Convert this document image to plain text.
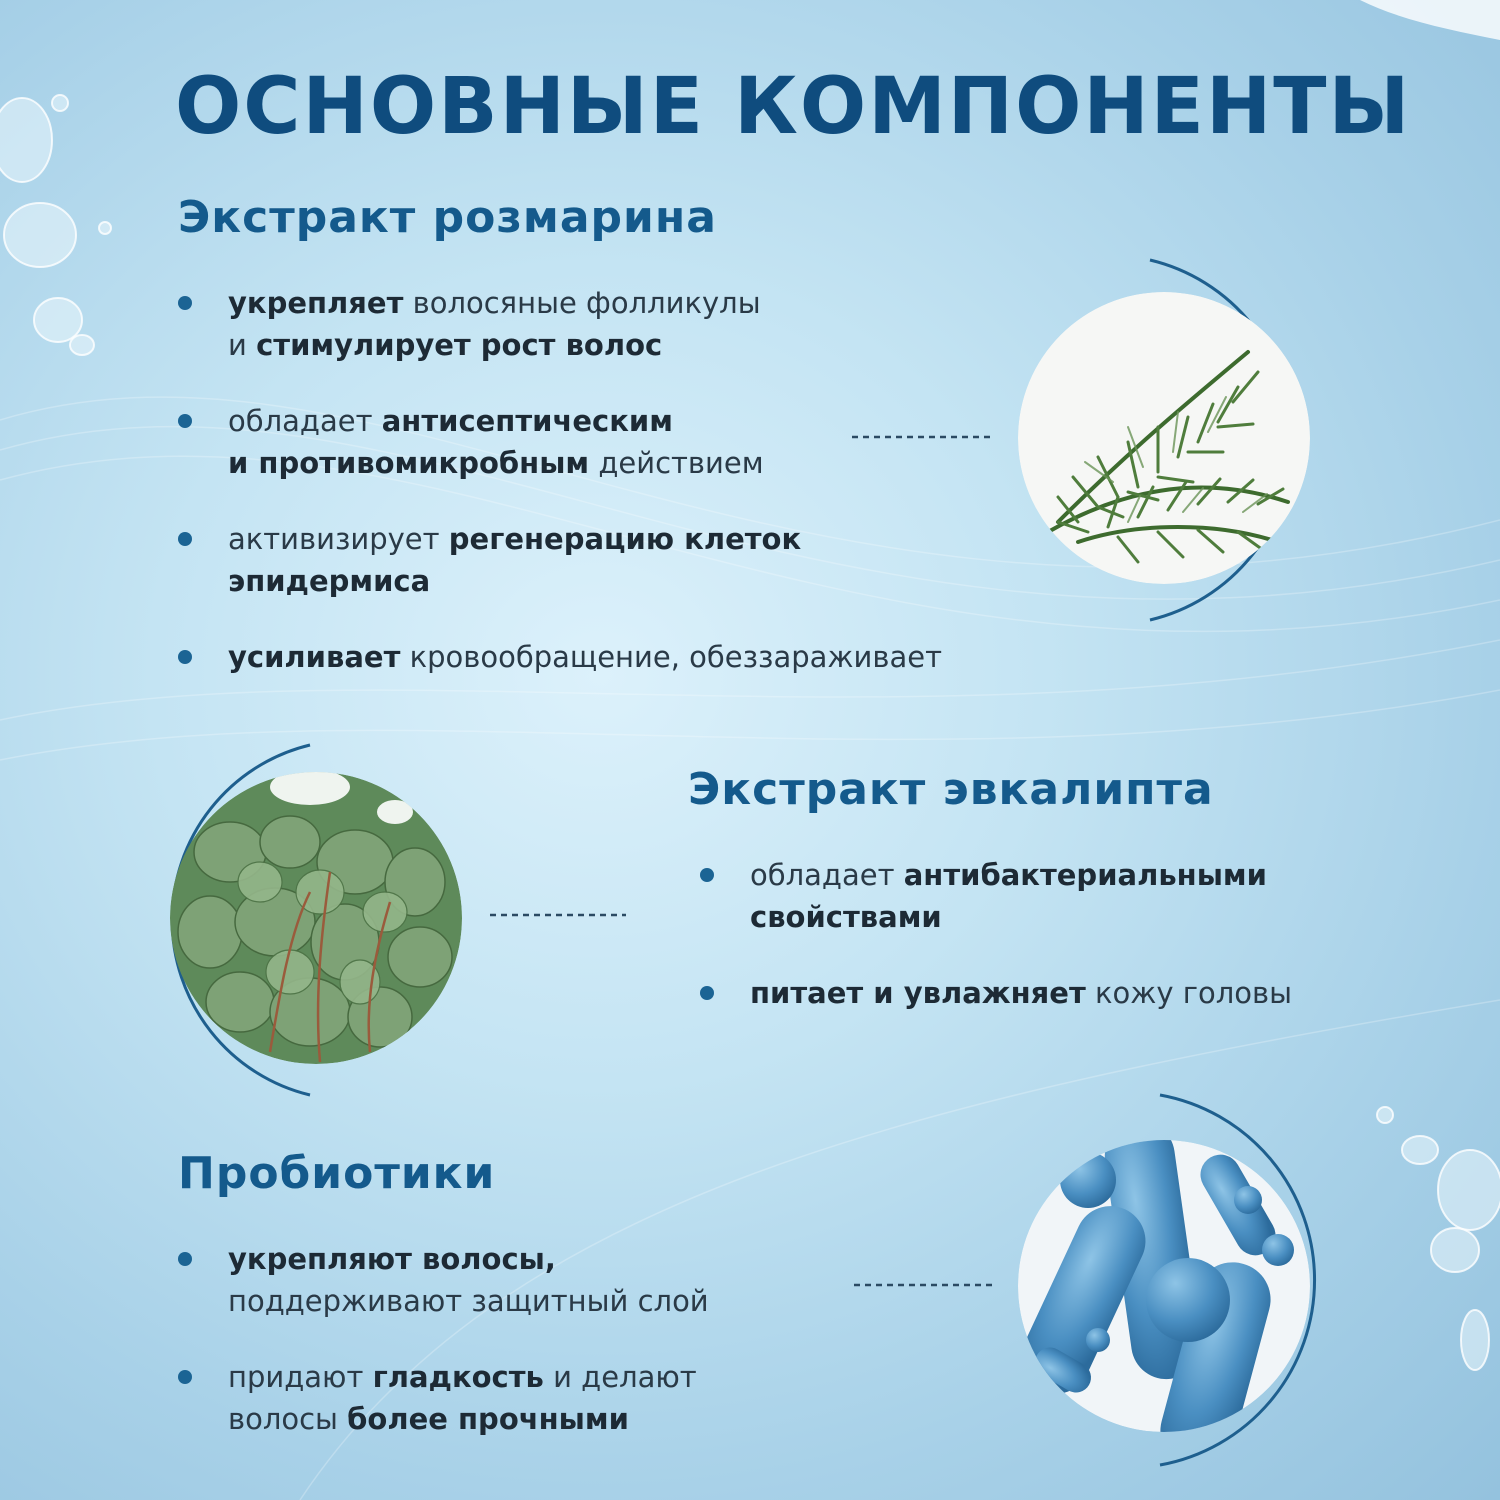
ОСНОВНЫЕ КОМПОНЕНТЫ
Экстракт розмарина
укрепляет волосяные фолликулы
и стимулирует рост волос
обладает антисептическим
и противомикробным действием
активизирует регенерацию клеток
эпидермиса
усиливает кровообращение, обеззараживает
Экстракт эвкалипта
обладает антибактериальными
свойствами
питает и увлажняет кожу головы
Пробиотики
укрепляют волосы,
поддерживают защитный слой
придают гладкость и делают
волосы более прочными
